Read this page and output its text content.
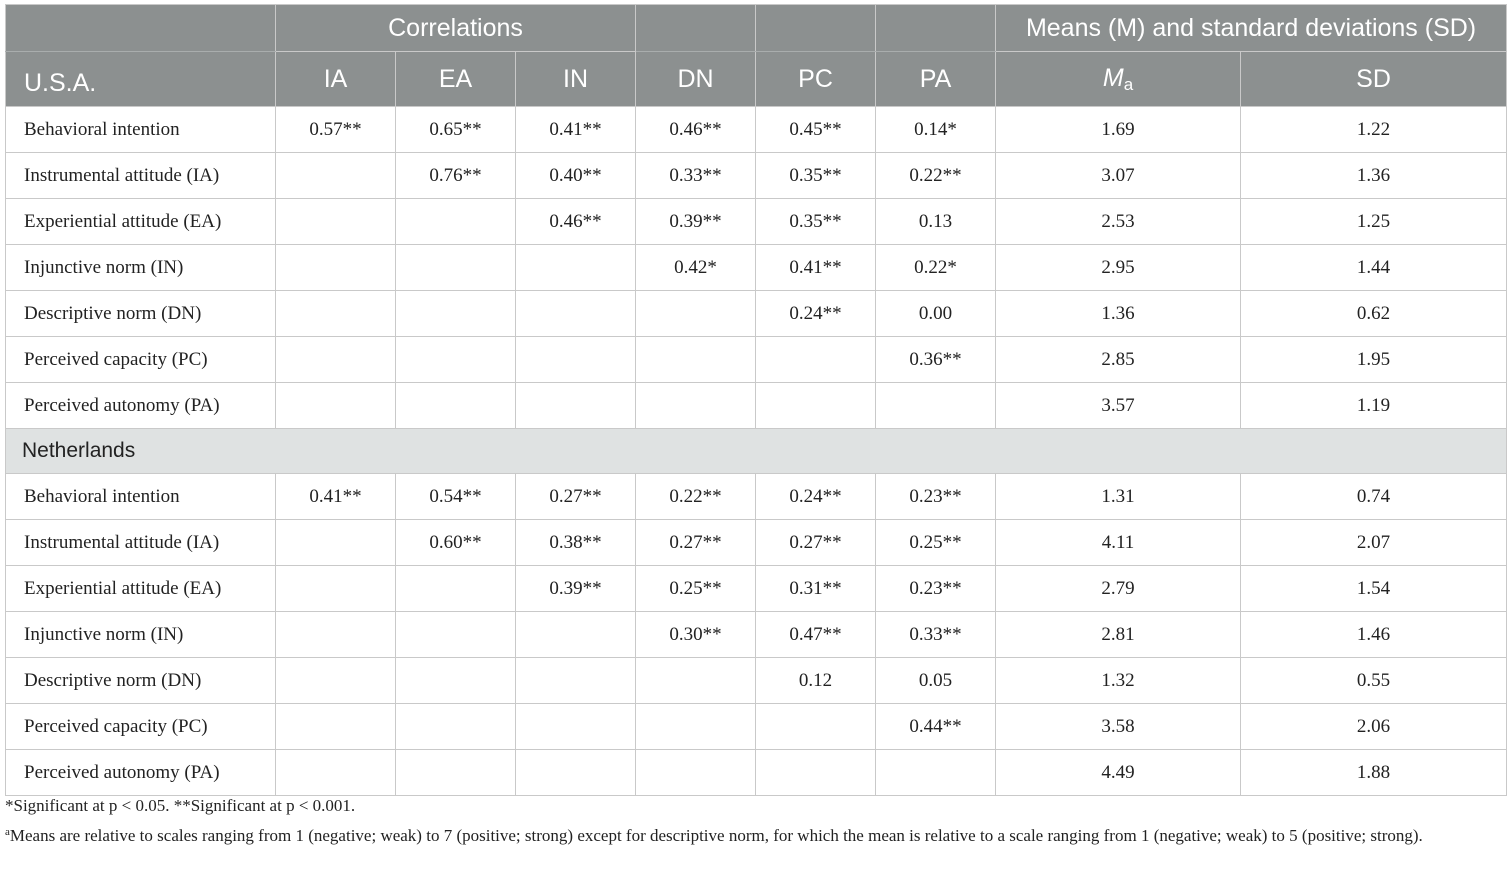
	Correlations						Means (M) and standard deviations (SD)	
U.S.A.	IA	EA	IN	DN	PC	PA	$M_a$	SD
Behavioral intention	0.57**	0.65**	0.41**	0.46**	0.45**	0.14*	1.69	1.22
Instrumental attitude (IA)		0.76**	0.40**	0.33**	0.35**	0.22**	3.07	1.36
Experiential attitude (EA)			0.46**	0.39**	0.35**	0.13	2.53	1.25
Injunctive norm (IN)				0.42*	0.41**	0.22*	2.95	1.44
Descriptive norm (DN)					0.24**	0.00	1.36	0.62
Perceived capacity (PC)						0.36**	2.85	1.95
Perceived autonomy (PA)							3.57	1.19
Netherlands								
Behavioral intention	0.41**	0.54**	0.27**	0.22**	0.24**	0.23**	1.31	0.74
Instrumental attitude (IA)		0.60**	0.38**	0.27**	0.27**	0.25**	4.11	2.07
Experiential attitude (EA)			0.39**	0.25**	0.31**	0.23**	2.79	1.54
Injunctive norm (IN)				0.30**	0.47**	0.33**	2.81	1.46
Descriptive norm (DN)					0.12	0.05	1.32	0.55
Perceived capacity (PC)						0.44**	3.58	2.06
Perceived autonomy (PA)							4.49	1.88

*Significant at p < 0.05. **Significant at p < 0.001.

$^a$Means are relative to scales ranging from 1 (negative; weak) to 7 (positive; strong) except for descriptive norm, for which the mean is relative to a scale ranging from 1 (negative; weak) to 5 (positive; strong).
